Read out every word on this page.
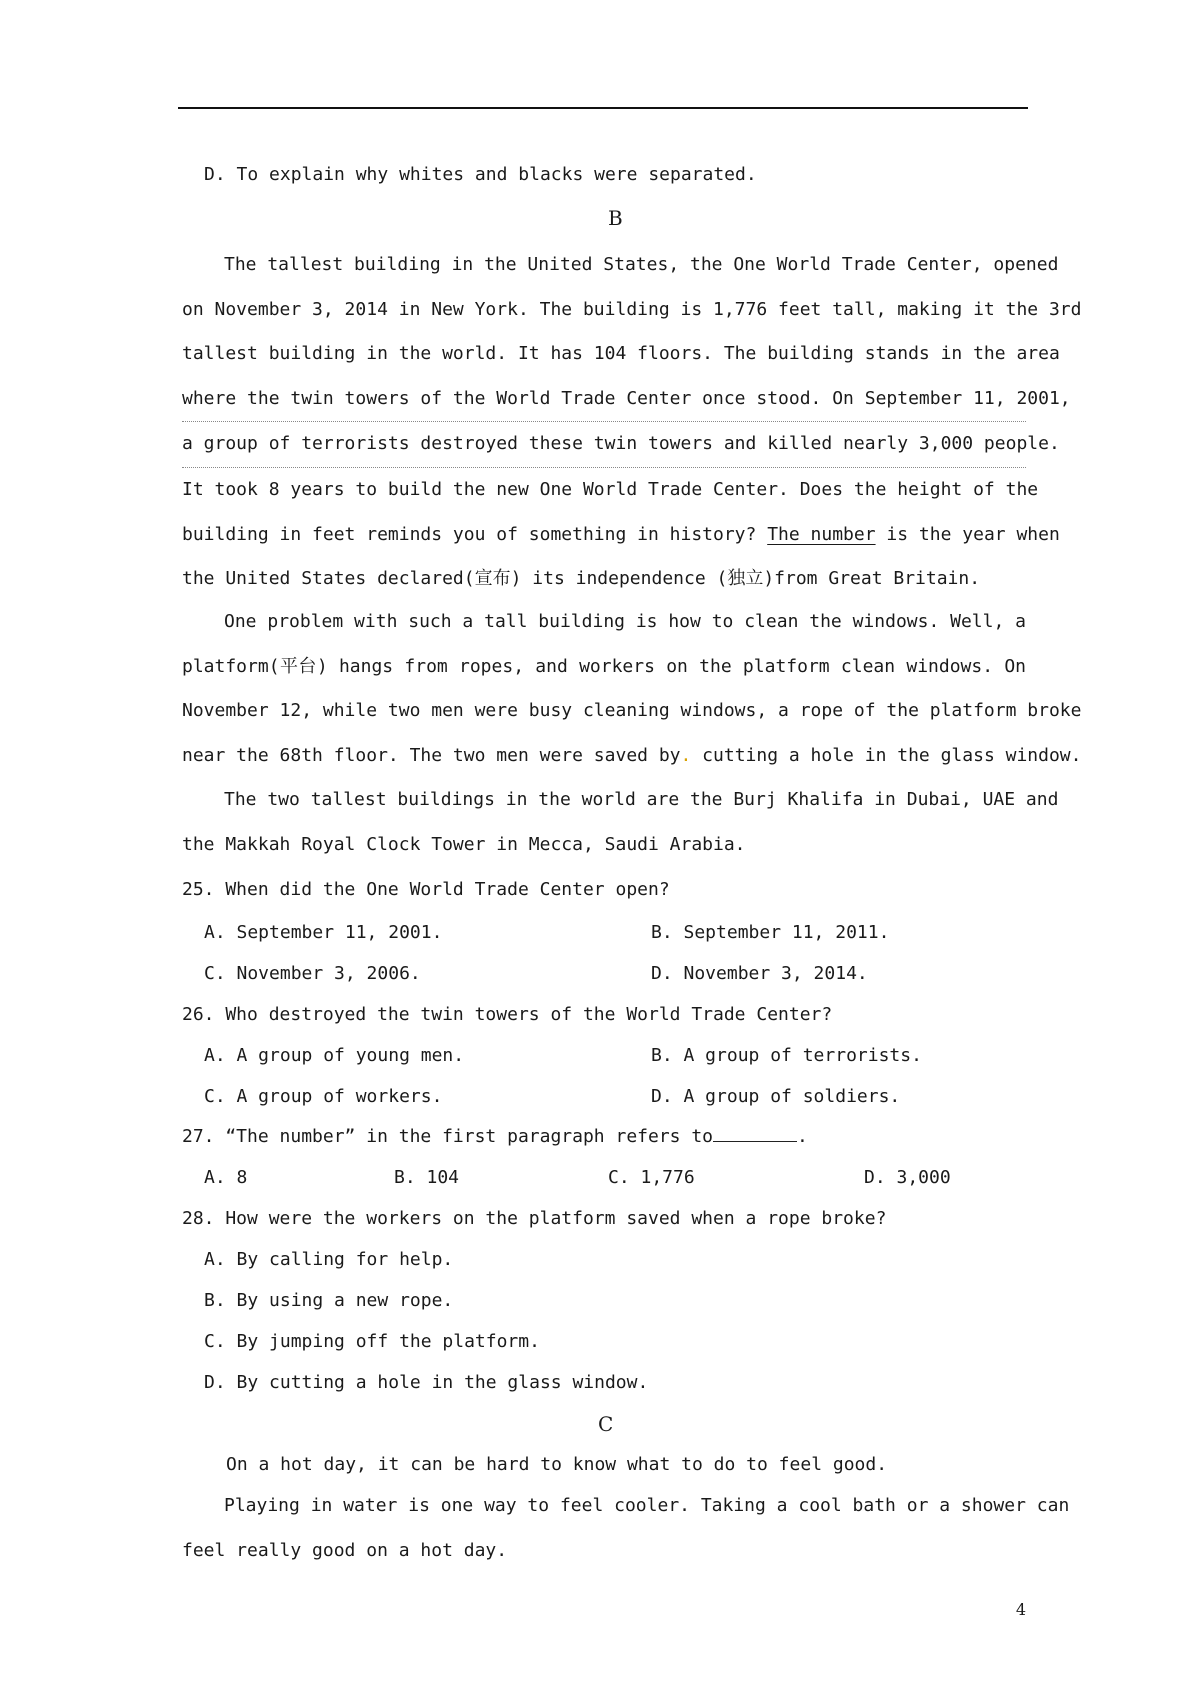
D. To explain why whites and blacks were separated.
B
The tallest building in the United States, the One World Trade Center, opened
on November 3, 2014 in New York. The building is 1,776 feet tall, making it the 3rd
tallest building in the world. It has 104 floors. The building stands in the area
where the twin towers of the World Trade Center once stood. On September 11, 2001,
a group of terrorists destroyed these twin towers and killed nearly 3,000 people.
It took 8 years to build the new One World Trade Center. Does the height of the
building in feet reminds you of something in history? The number is the year when
the United States declared(宣布) its independence (独立)from Great Britain.
One problem with such a tall building is how to clean the windows. Well, a
platform(平台) hangs from ropes, and workers on the platform clean windows. On
November 12, while two men were busy cleaning windows, a rope of the platform broke
near the 68th floor. The two men were saved by. cutting a hole in the glass window.
The two tallest buildings in the world are the Burj Khalifa in Dubai, UAE and
the Makkah Royal Clock Tower in Mecca, Saudi Arabia.
25. When did the One World Trade Center open?
A. September 11, 2001.	B. September 11, 2011.
C. November 3, 2006.	D. November 3, 2014.
26. Who destroyed the twin towers of the World Trade Center?
A. A group of young men.	B. A group of terrorists.
C. A group of workers.	D. A group of soldiers.
27. “The number” in the first paragraph refers to	.
A. 8	B. 104	C. 1,776	D. 3,000
28. How were the workers on the platform saved when a rope broke?
A. By calling for help.
B. By using a new rope.
C. By jumping off the platform.
D. By cutting a hole in the glass window.
C
On a hot day, it can be hard to know what to do to feel good.
Playing in water is one way to feel cooler. Taking a cool bath or a shower can
feel really good on a hot day.
4
